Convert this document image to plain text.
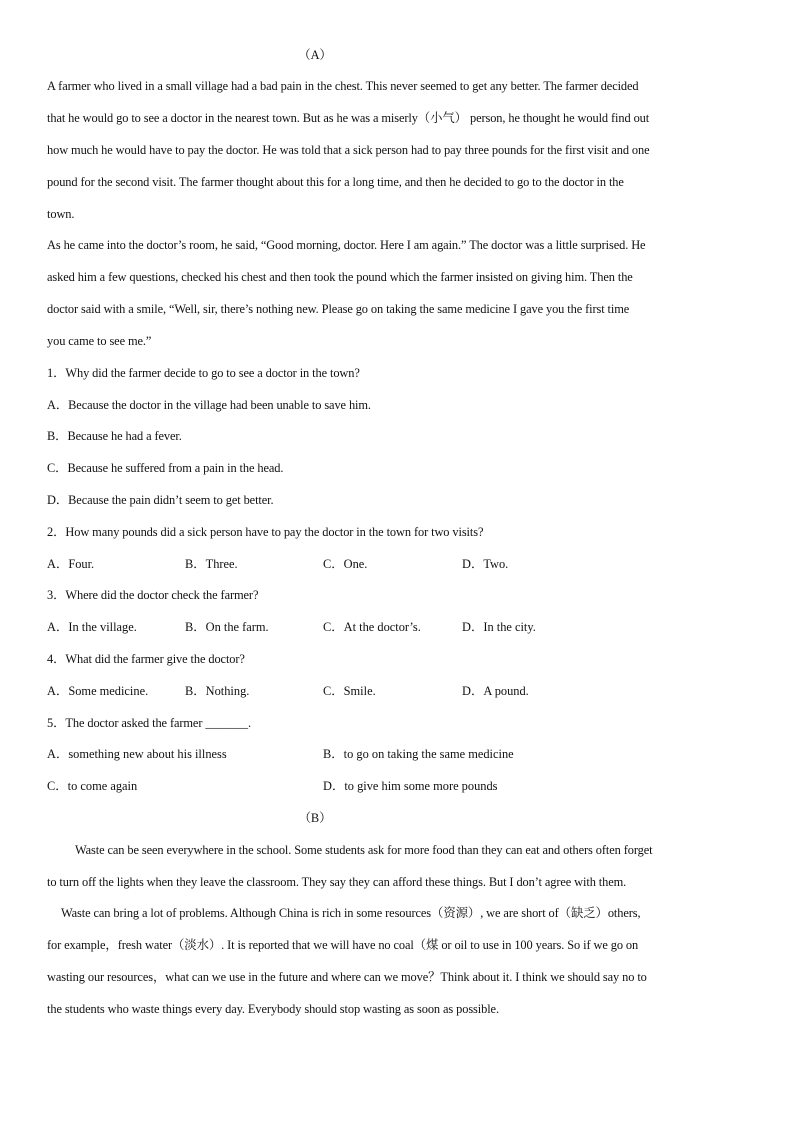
（A）
A farmer who lived in a small village had a bad pain in the chest. This never seemed to get any better. The farmer decided
that he would go to see a doctor in the nearest town. But as he was a miserly（小气） person, he thought he would find out
how much he would have to pay the doctor. He was told that a sick person had to pay three pounds for the first visit and one
pound for the second visit. The farmer thought about this for a long time, and then he decided to go to the doctor in the
town.
As he came into the doctor’s room, he said, “Good morning, doctor. Here I am again.” The doctor was a little surprised. He
asked him a few questions, checked his chest and then took the pound which the farmer insisted on giving him. Then the
doctor said with a smile, “Well, sir, there’s nothing new. Please go on taking the same medicine I gave you the first time
you came to see me.”
1．Why did the farmer decide to go to see a doctor in the town?
A．Because the doctor in the village had been unable to save him.
B．Because he had a fever.
C．Because he suffered from a pain in the head.
D．Because the pain didn’t seem to get better.
2．How many pounds did a sick person have to pay the doctor in the town for two visits?
A．Four.	B．Three.	C．One.	D．Two.
3．Where did the doctor check the farmer?
A．In the village.	B．On the farm.	C．At the doctor’s.	D．In the city.
4．What did the farmer give the doctor?
A．Some medicine.	B．Nothing.	C．Smile.	D．A pound.
5．The doctor asked the farmer _______.
A．something new about his illness	B．to go on taking the same medicine
C．to come again	D．to give him some more pounds
（B）
Waste can be seen everywhere in the school. Some students ask for more food than they can eat and others often forget
to turn off the lights when they leave the classroom. They say they can afford these things. But I don’t agree with them.
Waste can bring a lot of problems. Although China is rich in some resources（资源）, we are short of（缺乏）others,
for example，fresh water（淡水）. It is reported that we will have no coal（煤 or oil to use in 100 years. So if we go on
wasting our resources，what can we use in the future and where can we move？Think about it. I think we should say no to
the students who waste things every day. Everybody should stop wasting as soon as possible.
